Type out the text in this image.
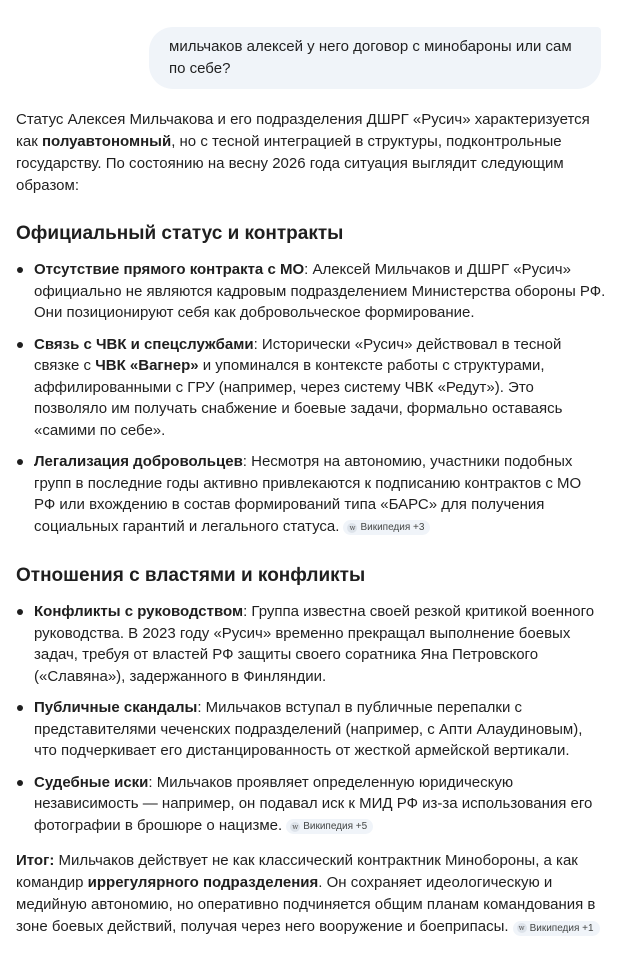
мильчаков алексей у него договор с минобароны или сам по себе?

Статус Алексея Мильчакова и его подразделения ДШРГ «Русич» характеризуется как полуавтономный, но с тесной интеграцией в структуры, подконтрольные государству. По состоянию на весну 2026 года ситуация выглядит следующим образом:

Официальный статус и контракты
Отсутствие прямого контракта с МО: Алексей Мильчаков и ДШРГ «Русич» официально не являются кадровым подразделением Министерства обороны РФ. Они позиционируют себя как добровольческое формирование.
Связь с ЧВК и спецслужбами: Исторически «Русич» действовал в тесной связке с ЧВК «Вагнер» и упоминался в контексте работы с структурами, аффилированными с ГРУ (например, через систему ЧВК «Редут»). Это позволяло им получать снабжение и боевые задачи, формально оставаясь «самими по себе».
Легализация добровольцев: Несмотря на автономию, участники подобных групп в последние годы активно привлекаются к подписанию контрактов с МО РФ или вхождению в состав формирований типа «БАРС» для получения социальных гарантий и легального статуса. w Википедия +3
Отношения с властями и конфликты
Конфликты с руководством: Группа известна своей резкой критикой военного руководства. В 2023 году «Русич» временно прекращал выполнение боевых задач, требуя от властей РФ защиты своего соратника Яна Петровского («Славяна»), задержанного в Финляндии.
Публичные скандалы: Мильчаков вступал в публичные перепалки с представителями чеченских подразделений (например, с Апти Алаудиновым), что подчеркивает его дистанцированность от жесткой армейской вертикали.
Судебные иски: Мильчаков проявляет определенную юридическую независимость — например, он подавал иск к МИД РФ из-за использования его фотографии в брошюре о нацизме. w Википедия +5

Итог: Мильчаков действует не как классический контрактник Минобороны, а как командир иррегулярного подразделения. Он сохраняет идеологическую и медийную автономию, но оперативно подчиняется общим планам командования в зоне боевых действий, получая через него вооружение и боеприпасы. w Википедия +1
